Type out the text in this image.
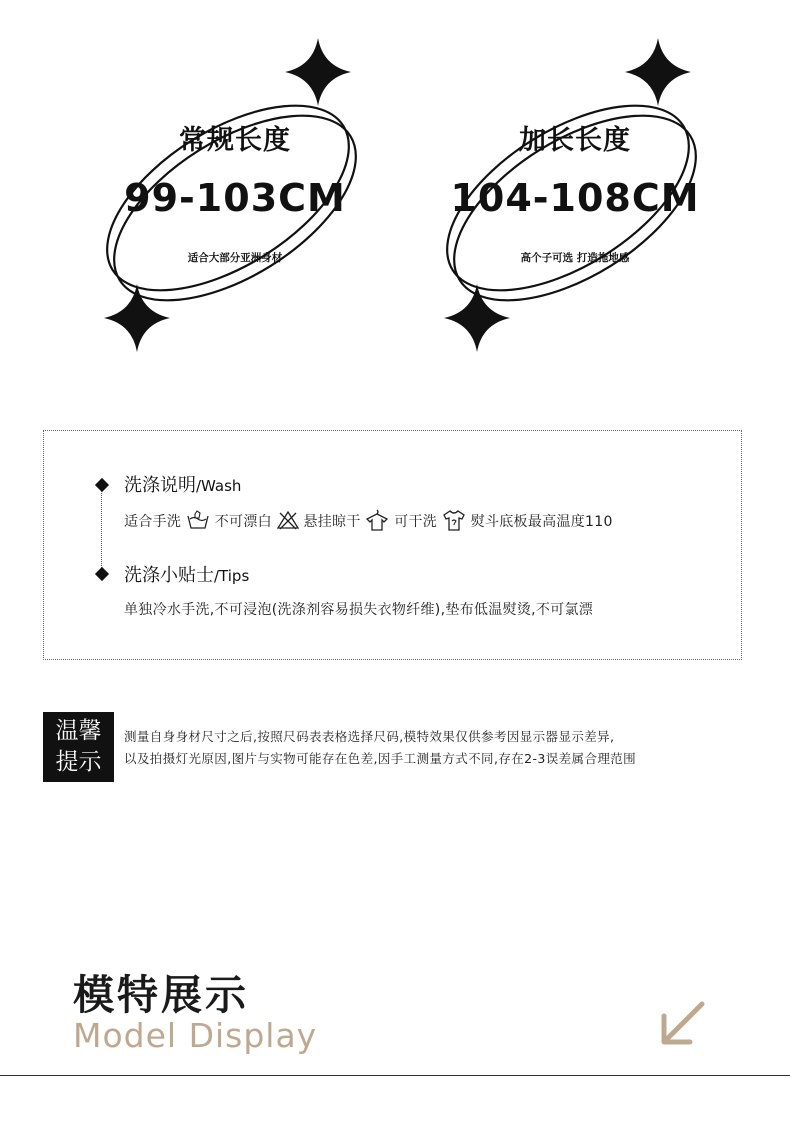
常规长度
99-103CM
适合大部分亚洲身材
加长长度
104-108CM
高个子可选 打造拖地感
洗涤说明/Wash
适合手洗 不可漂白 悬挂晾干 可干洗 熨斗底板最高温度110
洗涤小贴士/Tips
单独冷水手洗,不可浸泡(洗涤剂容易损失衣物纤维),垫布低温熨烫,不可氯漂
温馨
提示
测量自身身材尺寸之后,按照尺码表表格选择尺码,模特效果仅供参考因显示器显示差异,
以及拍摄灯光原因,图片与实物可能存在色差,因手工测量方式不同,存在2-3误差属合理范围
模特展示
Model Display
